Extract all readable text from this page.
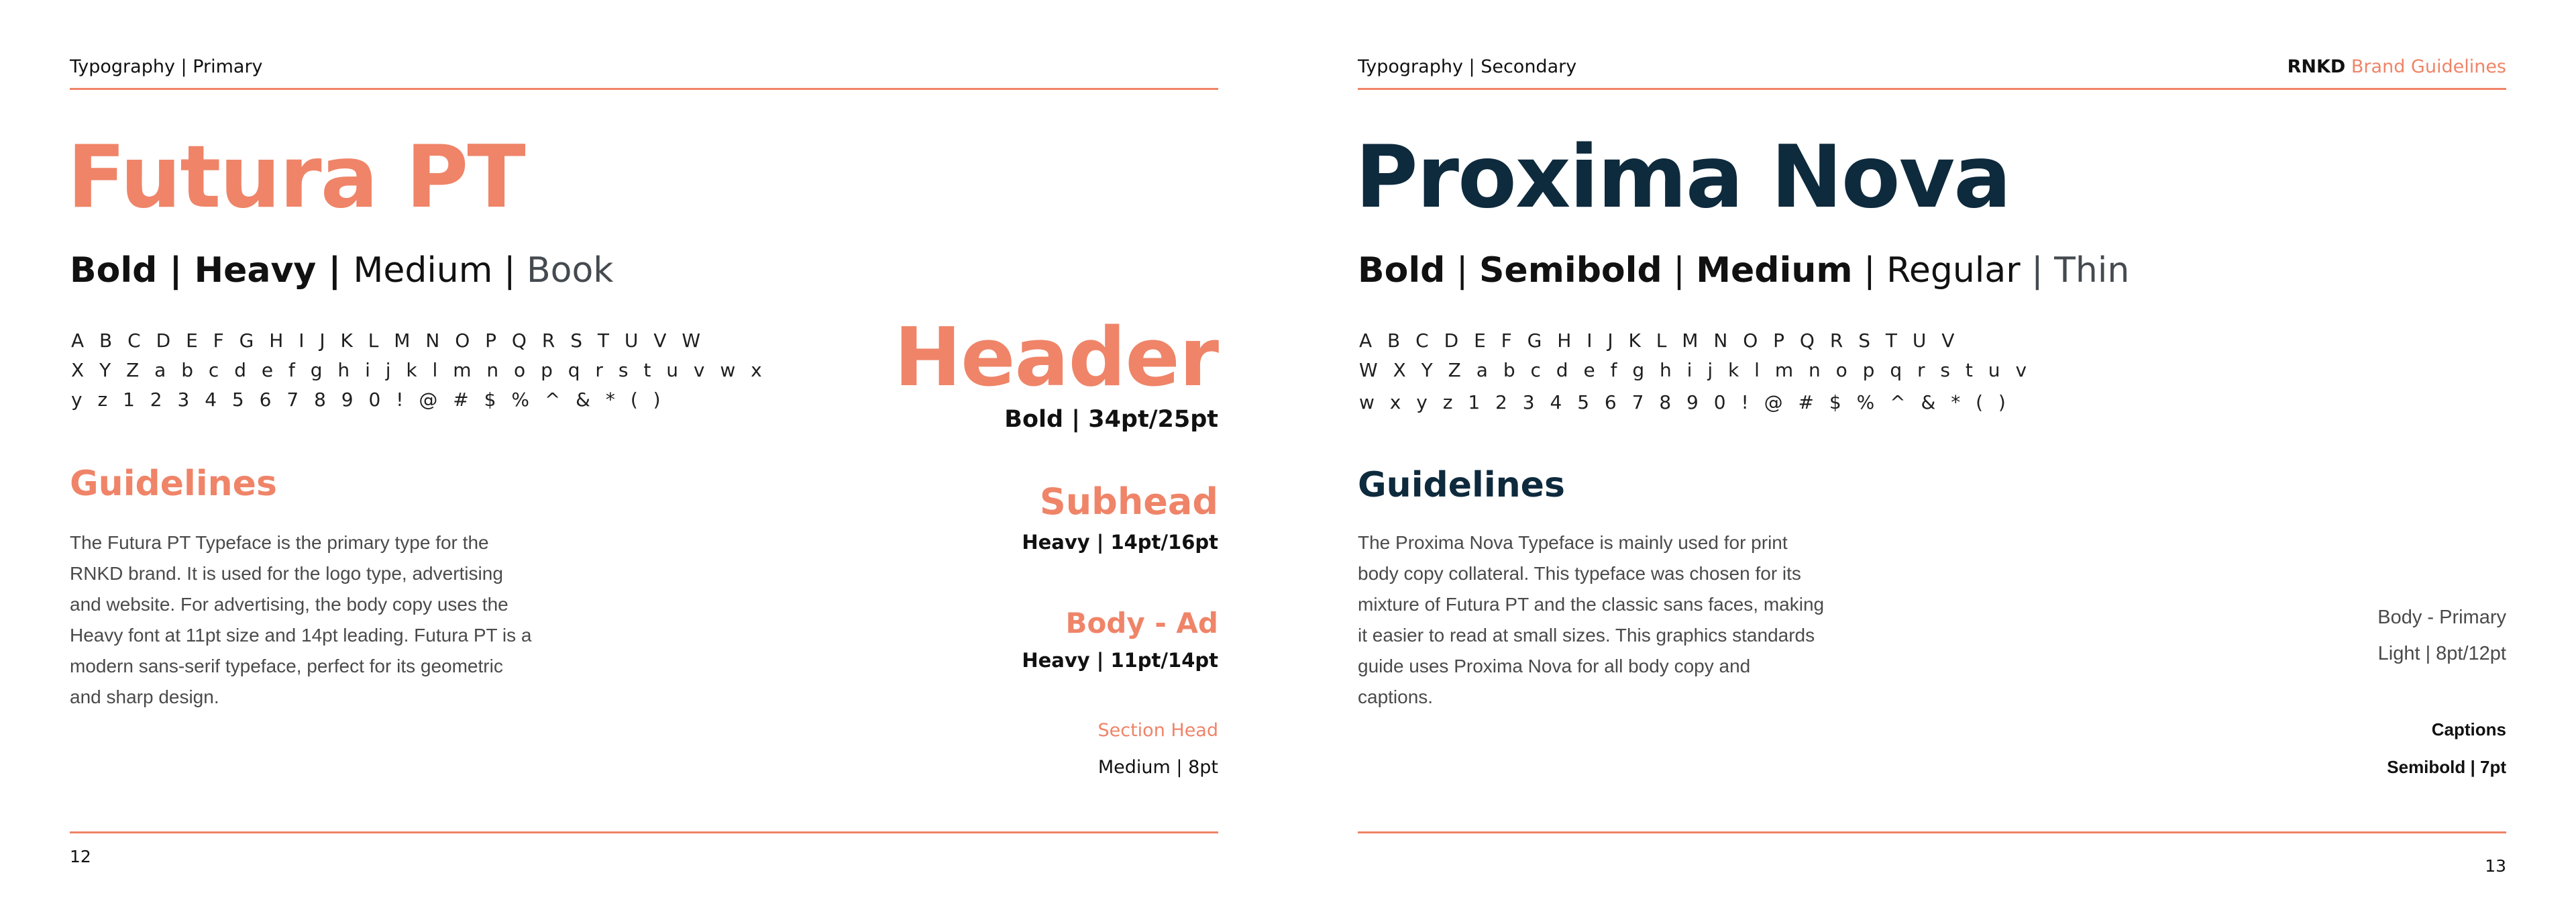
Typography | Primary
Futura PT
Bold | Heavy | Medium | Book
A B C D E F G H I J K L M N O P Q R S T U V W
X Y Z a b c d e f g h i j k l m n o p q r s t u v w x
y z 1 2 3 4 5 6 7 8 9 0 ! @ # $ % ^ & * ( )
Guidelines
The Futura PT Typeface is the primary type for the RNKD brand. It is used for the logo type, advertising and website. For advertising, the body copy uses the Heavy font at 11pt size and 14pt leading. Futura PT is a modern sans-serif typeface, perfect for its geometric and sharp design.
Header
Bold | 34pt/25pt
Subhead
Heavy | 14pt/16pt
Body - Ad
Heavy | 11pt/14pt
Section Head
Medium | 8pt
12
Typography | Secondary	RNKD Brand Guidelines
Proxima Nova
Bold | Semibold | Medium | Regular | Thin
A B C D E F G H I J K L M N O P Q R S T U V
W X Y Z a b c d e f g h i j k l m n o p q r s t u v
w x y z 1 2 3 4 5 6 7 8 9 0 ! @ # $ % ^ & * ( )
Guidelines
The Proxima Nova Typeface is mainly used for print body copy collateral. This typeface was chosen for its mixture of Futura PT and the classic sans faces, making it easier to read at small sizes. This graphics standards guide uses Proxima Nova for all body copy and captions.
Body - Primary
Light | 8pt/12pt
Captions
Semibold | 7pt
13
